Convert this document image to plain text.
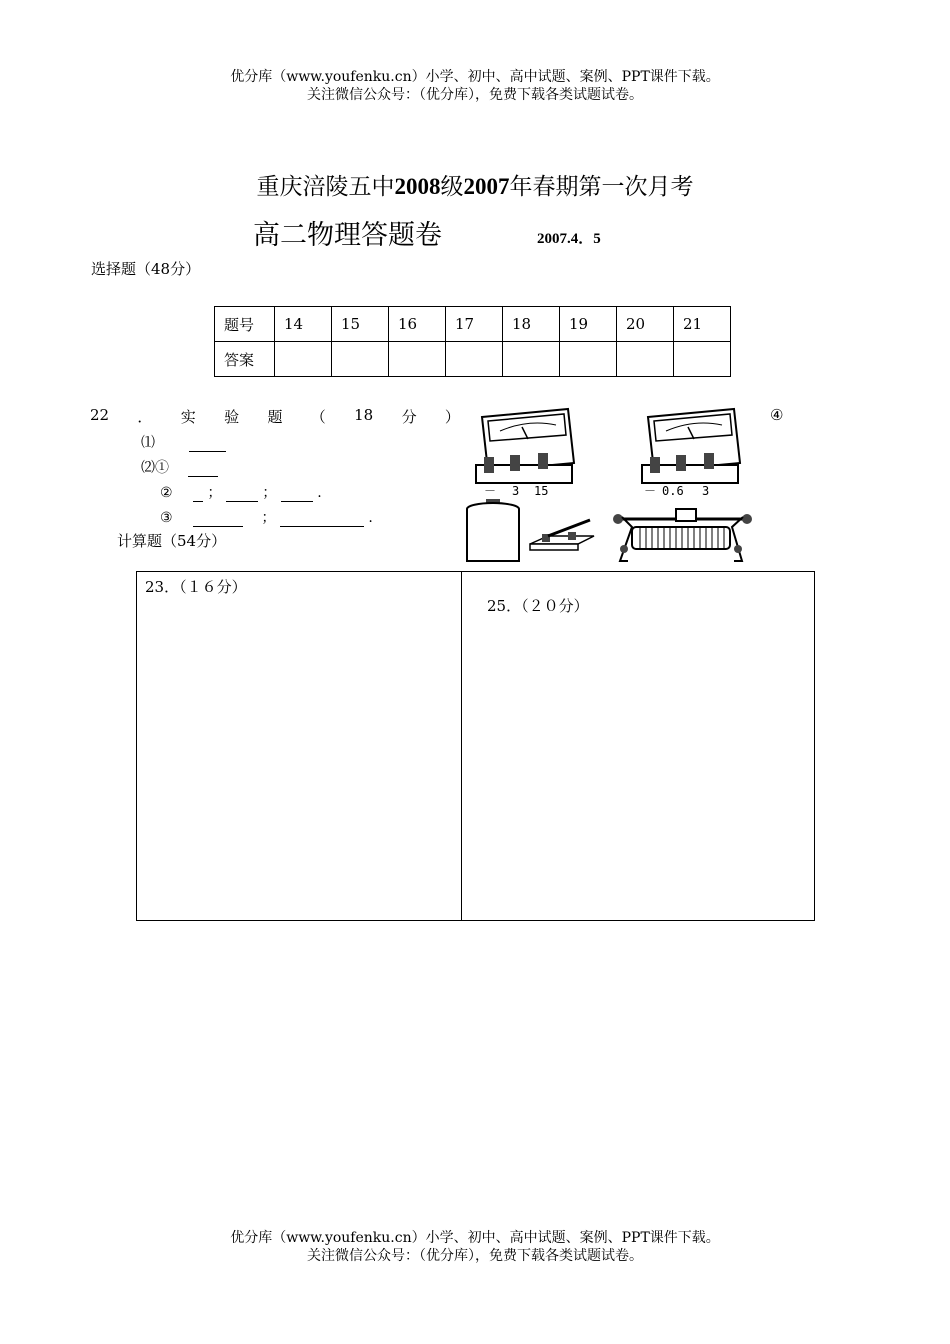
优分库（www.youfenku.cn）小学、初中、高中试题、案例、PPT课件下载。
关注微信公众号：（优分库），免费下载各类试题试卷。
重庆涪陵五中2008级2007年春期第一次月考
高二物理答题卷	2007.4．5
选择题（48分）
题号	14	15	16	17	18	19	20	21
答案								
22 ． 实 验 题 （ 18 分 ）	④
⑴
⑵①
② ；	；	.
③	；	.
计算题（54分）
－ 3 15	－ 0.6 3
23．（１６分）
25．（２０分）
优分库（www.youfenku.cn）小学、初中、高中试题、案例、PPT课件下载。
关注微信公众号：（优分库），免费下载各类试题试卷。
